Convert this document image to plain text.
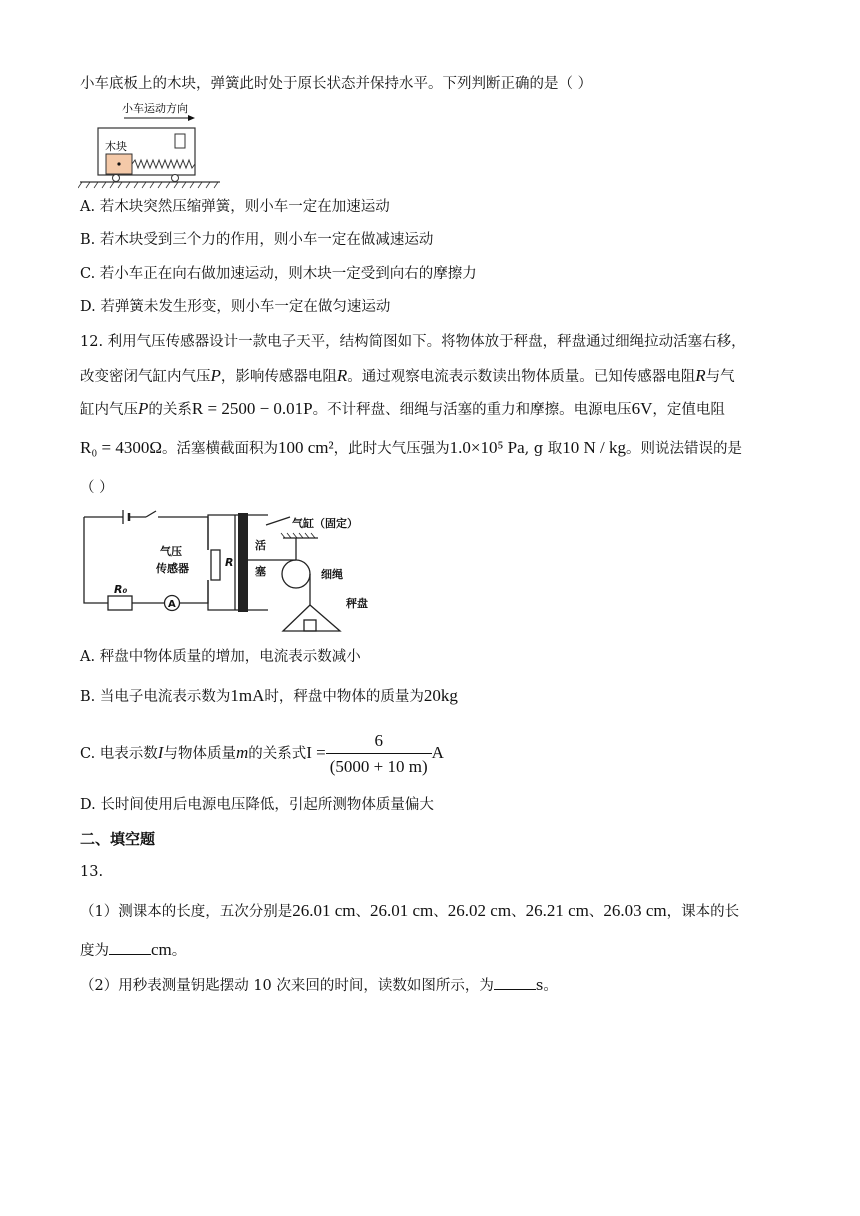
小车底板上的木块，弹簧此时处于原长状态并保持水平。下列判断正确的是（ ）
小车运动方向
木块
A. 若木块突然压缩弹簧，则小车一定在加速运动
B. 若木块受到三个力的作用，则小车一定在做减速运动
C. 若小车正在向右做加速运动，则木块一定受到向右的摩擦力
D. 若弹簧未发生形变，则小车一定在做匀速运动
12. 利用气压传感器设计一款电子天平，结构简图如下。将物体放于秤盘，秤盘通过细绳拉动活塞右移，
改变密闭气缸内气压P，影响传感器电阻R。通过观察电流表示数读出物体质量。已知传感器电阻R与气
缸内气压P的关系R = 2500 − 0.01P。不计秤盘、细绳与活塞的重力和摩擦。电源电压6V，定值电阻
R₀ = 4300Ω。活塞横截面积为100 cm²，此时大气压强为1.0×10⁵ Pa, g 取10 N / kg。则说法错误的是
（ ）
气缸（固定）
活
塞
气压
传感器	R
R₀
A
细绳
秤盘
A. 秤盘中物体质量的增加，电流表示数减小
B. 当电子电流表示数为1mA时，秤盘中物体的质量为20kg
C. 电表示数I与物体质量m的关系式$I = \frac{6}{(5000 + 10 m)}$ A
D. 长时间使用后电源电压降低，引起所测物体质量偏大
二、填空题
13.
（1）测课本的长度，五次分别是26.01 cm、26.01 cm、26.02 cm、26.21 cm、26.03 cm，课本的长
度为 cm。
（2）用秒表测量钥匙摆动 10 次来回的时间，读数如图所示，为	s。
